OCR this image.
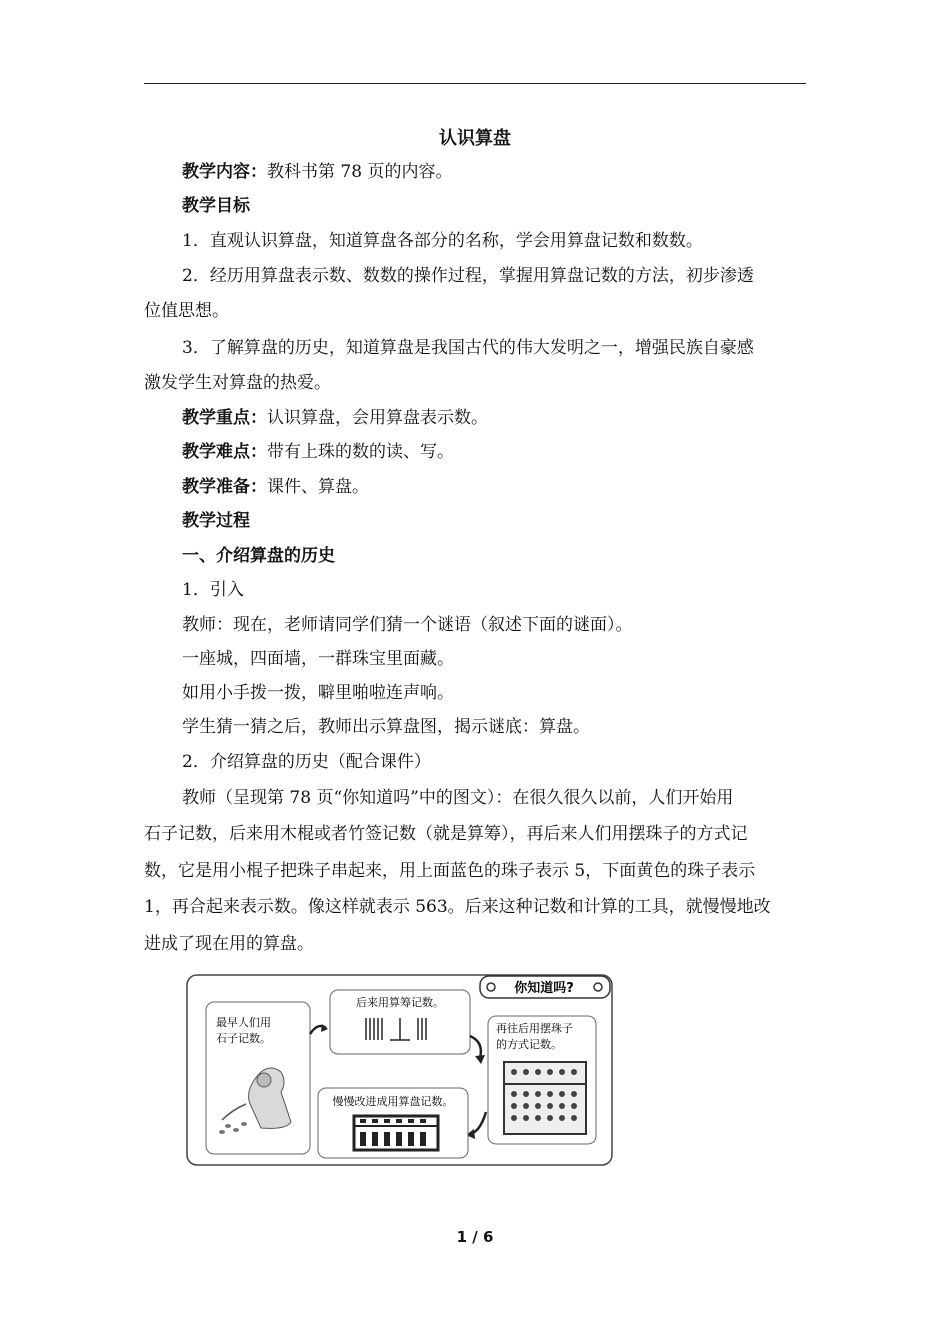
认识算盘
教学内容：教科书第 78 页的内容。
教学目标
1．直观认识算盘，知道算盘各部分的名称，学会用算盘记数和数数。
2．经历用算盘表示数、数数的操作过程，掌握用算盘记数的方法，初步渗透
位值思想。
3．了解算盘的历史，知道算盘是我国古代的伟大发明之一，增强民族自豪感
激发学生对算盘的热爱。
教学重点：认识算盘，会用算盘表示数。
教学难点：带有上珠的数的读、写。
教学准备：课件、算盘。
教学过程
一、介绍算盘的历史
1．引入
教师：现在，老师请同学们猜一个谜语（叙述下面的谜面）。
一座城，四面墙，一群珠宝里面藏。
如用小手拨一拨，噼里啪啦连声响。
学生猜一猜之后，教师出示算盘图，揭示谜底：算盘。
2．介绍算盘的历史（配合课件）
教师（呈现第 78 页“你知道吗”中的图文）：在很久很久以前，人们开始用
石子记数，后来用木棍或者竹签记数（就是算筹），再后来人们用摆珠子的方式记
数，它是用小棍子把珠子串起来，用上面蓝色的珠子表示 5，下面黄色的珠子表示
1，再合起来表示数。像这样就表示 563。后来这种记数和计算的工具，就慢慢地改
进成了现在用的算盘。
你知道吗?
最早人们用
石子记数。
后来用算筹记数。
再往后用摆珠子
的方式记数。
慢慢改进成用算盘记数。
1 / 6
